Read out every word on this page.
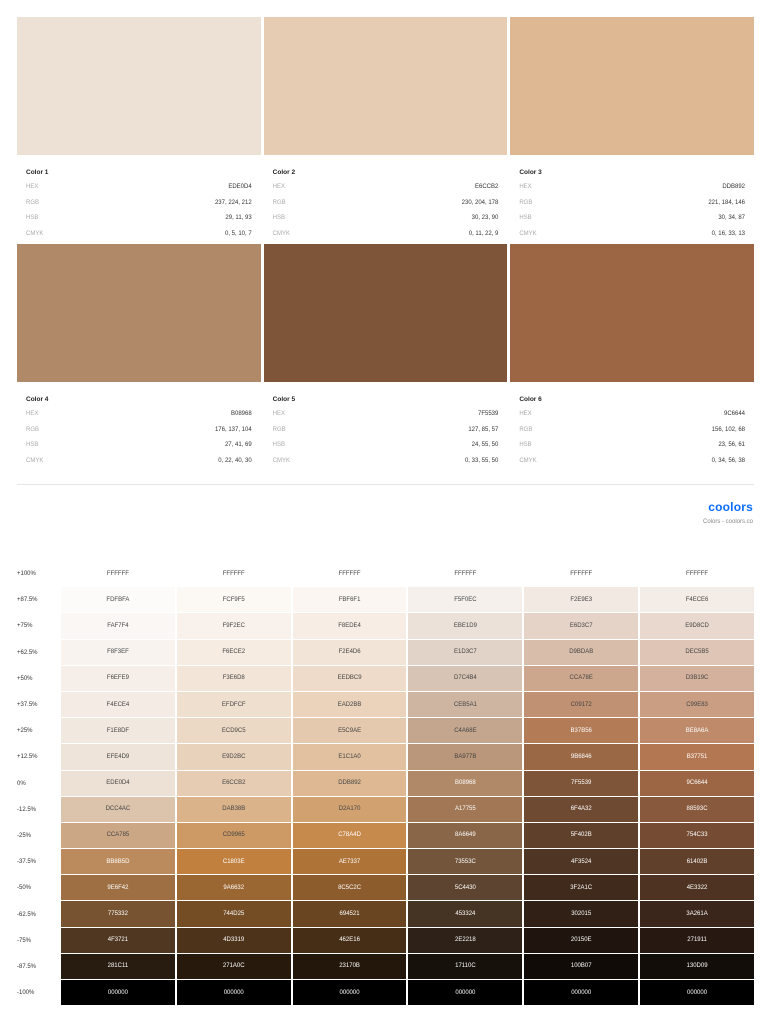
Color 1
HEX	EDE0D4
RGB	237, 224, 212
HSB	29, 11, 93
CMYK	0, 5, 10, 7
Color 2
HEX	E6CCB2
RGB	230, 204, 178
HSB	30, 23, 90
CMYK	0, 11, 22, 9
Color 3
HEX	DDB892
RGB	221, 184, 146
HSB	30, 34, 87
CMYK	0, 16, 33, 13
Color 4
HEX	B08968
RGB	176, 137, 104
HSB	27, 41, 69
CMYK	0, 22, 40, 30
Color 5
HEX	7F5539
RGB	127, 85, 57
HSB	24, 55, 50
CMYK	0, 33, 55, 50
Color 6
HEX	9C6644
RGB	156, 102, 68
HSB	23, 56, 61
CMYK	0, 34, 56, 38
coolors
Colors - coolors.co
+100%	FFFFFF	FFFFFF	FFFFFF	FFFFFF	FFFFFF	FFFFFF
+87.5%	FDFBFA	FCF9F5	FBF6F1	F5F0EC	F2E9E3	F4ECE6
+75%	FAF7F4	F9F2EC	F8EDE4	EBE1D9	E6D3C7	E9D8CD
+62.5%	F8F3EF	F6ECE2	F2E4D6	E1D3C7	D9BDAB	DEC5B5
+50%	F6EFE9	F3E6D8	EEDBC9	D7C4B4	CCA78E	D3B19C
+37.5%	F4ECE4	EFDFCF	EAD2BB	CEB5A1	C09172	C99E83
+25%	F1E8DF	ECD9C5	E5C9AE	C4A68E	B37B56	BE8A6A
+12.5%	EFE4D9	E9D2BC	E1C1A0	BA977B	9B6846	B37751
0%	EDE0D4	E6CCB2	DDB892	B08968	7F5539	9C6644
-12.5%	DCC4AC	DAB38B	D2A170	A17755	6F4A32	88593C
-25%	CCA785	CD9965	C78A4D	8A6649	5F402B	754C33
-37.5%	BB8B5D	C1803E	AE7337	73553C	4F3524	61402B
-50%	9E6F42	9A6632	8C5C2C	5C4430	3F2A1C	4E3322
-62.5%	775332	744D25	694521	453324	302015	3A261A
-75%	4F3721	4D3319	462E16	2E2218	20150E	271911
-87.5%	281C11	271A0C	23170B	17110C	100B07	130D09
-100%	000000	000000	000000	000000	000000	000000
